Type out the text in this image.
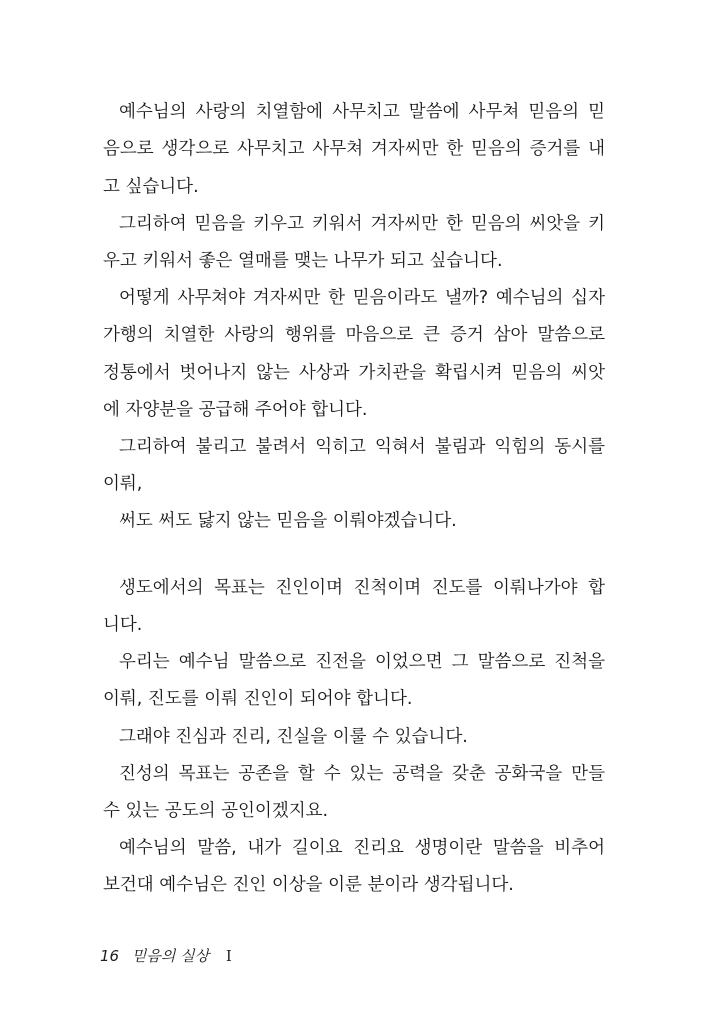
예수님의 사랑의 치열함에 사무치고 말씀에 사무쳐 믿음의 믿
음으로 생각으로 사무치고 사무쳐 겨자씨만 한 믿음의 증거를 내
고 싶습니다.
그리하여 믿음을 키우고 키워서 겨자씨만 한 믿음의 씨앗을 키
우고 키워서 좋은 열매를 맺는 나무가 되고 싶습니다.
어떻게 사무쳐야 겨자씨만 한 믿음이라도 낼까? 예수님의 십자
가행의 치열한 사랑의 행위를 마음으로 큰 증거 삼아 말씀으로
정통에서 벗어나지 않는 사상과 가치관을 확립시켜 믿음의 씨앗
에 자양분을 공급해 주어야 합니다.
그리하여 불리고 불려서 익히고 익혀서 불림과 익힘의 동시를
이뤄,
써도 써도 닳지 않는 믿음을 이뤄야겠습니다.
생도에서의 목표는 진인이며 진척이며 진도를 이뤄나가야 합
니다.
우리는 예수님 말씀으로 진전을 이었으면 그 말씀으로 진척을
이뤄, 진도를 이뤄 진인이 되어야 합니다.
그래야 진심과 진리, 진실을 이룰 수 있습니다.
진성의 목표는 공존을 할 수 있는 공력을 갖춘 공화국을 만들
수 있는 공도의 공인이겠지요.
예수님의 말씀, 내가 길이요 진리요 생명이란 말씀을 비추어
보건대 예수님은 진인 이상을 이룬 분이라 생각됩니다.
16 믿음의 실상 I
